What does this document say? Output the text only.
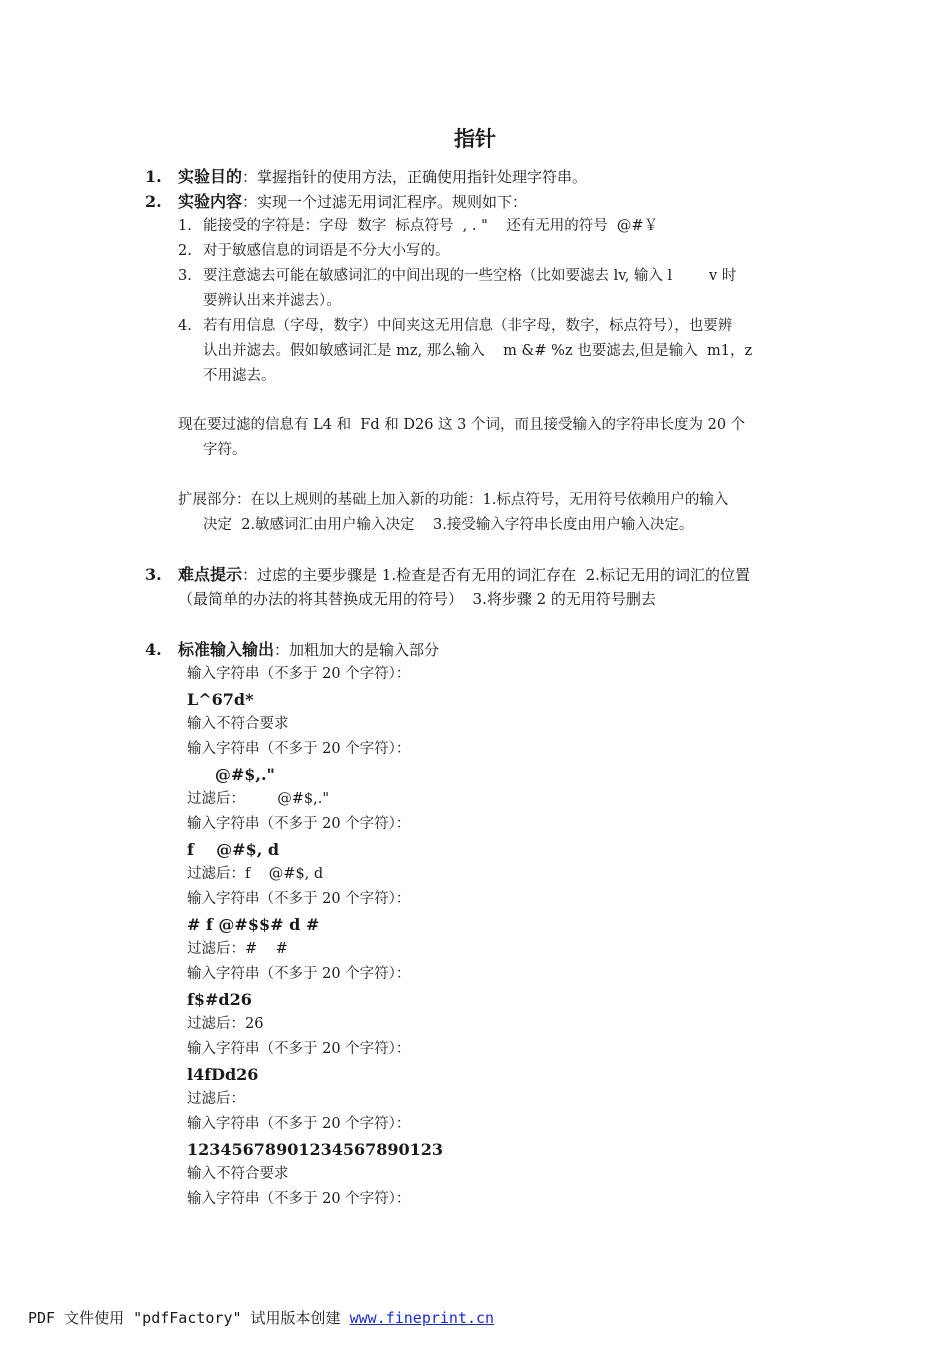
指针
1.	实验目的：掌握指针的使用方法，正确使用指针处理字符串。
2.	实验内容：实现一个过滤无用词汇程序。规则如下：
1. 能接受的字符是：字母  数字  标点符号  , . "    还有无用的符号  @#￥
2. 对于敏感信息的词语是不分大小写的。
3. 要注意滤去可能在敏感词汇的中间出现的一些空格（比如要滤去 lv, 输入 l        v 时
要辨认出来并滤去）。
4. 若有用信息（字母，数字）中间夹这无用信息（非字母，数字，标点符号），也要辨
认出并滤去。假如敏感词汇是 mz, 那么输入    m &# %z 也要滤去,但是输入  m1，z
不用滤去。
现在要过滤的信息有 L4 和  Fd 和 D26 这 3 个词，而且接受输入的字符串长度为 20 个
字符。
扩展部分：在以上规则的基础上加入新的功能：1.标点符号，无用符号依赖用户的输入
决定  2.敏感词汇由用户输入决定    3.接受输入字符串长度由用户输入决定。
3.	难点提示：过虑的主要步骤是 1.检查是否有无用的词汇存在  2.标记无用的词汇的位置
（最简单的办法的将其替换成无用的符号）  3.将步骤 2 的无用符号删去
4.	标准输入输出：加粗加大的是输入部分
输入字符串（不多于 20 个字符）：
L^67d*
输入不符合要求
输入字符串（不多于 20 个字符）：
@#$,."
过滤后：       @#$,."
输入字符串（不多于 20 个字符）：
f    @#$, d
过滤后：f    @#$, d
输入字符串（不多于 20 个字符）：
# f @#$$# d #
过滤后：#    #
输入字符串（不多于 20 个字符）：
f$#d26
过滤后：26
输入字符串（不多于 20 个字符）：
l4fDd26
过滤后：
输入字符串（不多于 20 个字符）：
12345678901234567890123
输入不符合要求
输入字符串（不多于 20 个字符）：
PDF 文件使用 "pdfFactory" 试用版本创建 www.fineprint.cn
